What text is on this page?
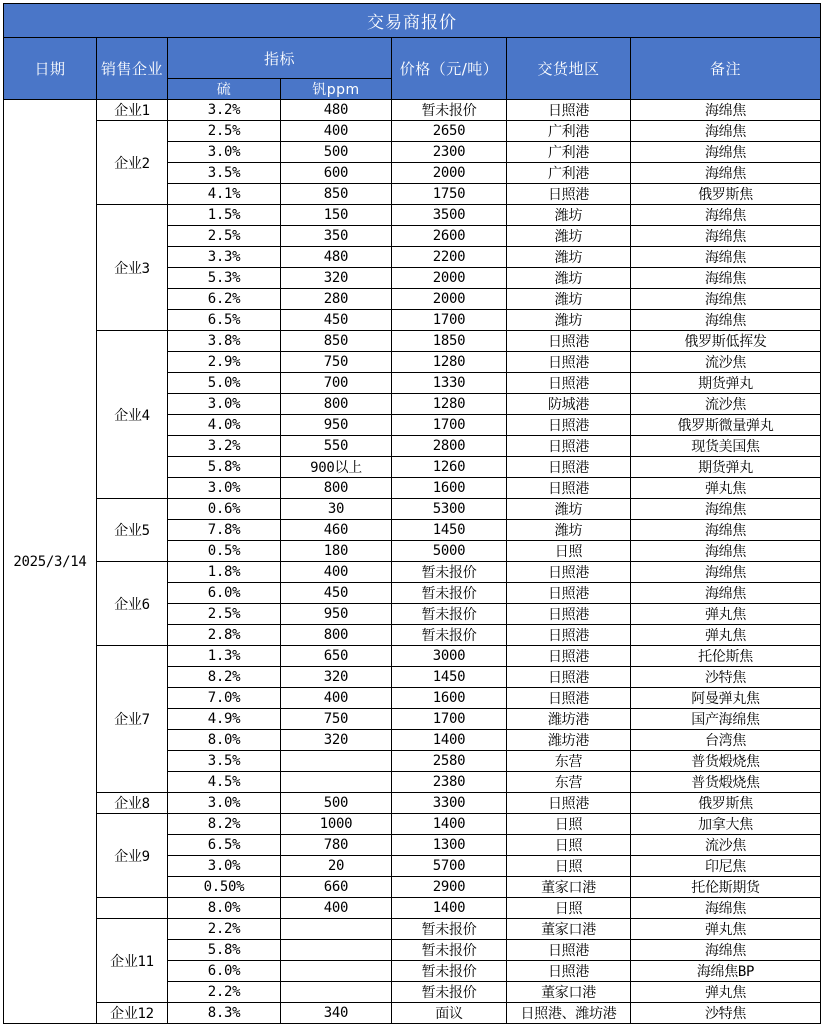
交易商报价						
日期	销售企业	指标		价格（元/吨）	交货地区	备注
		硫	钒ppm			
2025/3/14	企业1	3.2%	480	暂未报价	日照港	海绵焦
	企业2	2.5%	400	2650	广利港	海绵焦
		3.0%	500	2300	广利港	海绵焦
		3.5%	600	2000	广利港	海绵焦
		4.1%	850	1750	日照港	俄罗斯焦
	企业3	1.5%	150	3500	潍坊	海绵焦
		2.5%	350	2600	潍坊	海绵焦
		3.3%	480	2200	潍坊	海绵焦
		5.3%	320	2000	潍坊	海绵焦
		6.2%	280	2000	潍坊	海绵焦
		6.5%	450	1700	潍坊	海绵焦
	企业4	3.8%	850	1850	日照港	俄罗斯低挥发
		2.9%	750	1280	日照港	流沙焦
		5.0%	700	1330	日照港	期货弹丸
		3.0%	800	1280	防城港	流沙焦
		4.0%	950	1700	日照港	俄罗斯微量弹丸
		3.2%	550	2800	日照港	现货美国焦
		5.8%	900以上	1260	日照港	期货弹丸
		3.0%	800	1600	日照港	弹丸焦
	企业5	0.6%	30	5300	潍坊	海绵焦
		7.8%	460	1450	潍坊	海绵焦
		0.5%	180	5000	日照	海绵焦
	企业6	1.8%	400	暂未报价	日照港	海绵焦
		6.0%	450	暂未报价	日照港	海绵焦
		2.5%	950	暂未报价	日照港	弹丸焦
		2.8%	800	暂未报价	日照港	弹丸焦
	企业7	1.3%	650	3000	日照港	托伦斯焦
		8.2%	320	1450	日照港	沙特焦
		7.0%	400	1600	日照港	阿曼弹丸焦
		4.9%	750	1700	潍坊港	国产海绵焦
		8.0%	320	1400	潍坊港	台湾焦
		3.5%		2580	东营	普货煅烧焦
		4.5%		2380	东营	普货煅烧焦
	企业8	3.0%	500	3300	日照港	俄罗斯焦
	企业9	8.2%	1000	1400	日照	加拿大焦
		6.5%	780	1300	日照	流沙焦
		3.0%	20	5700	日照	印尼焦
		0.50%	660	2900	董家口港	托伦斯期货
		8.0%	400	1400	日照	海绵焦
	企业11	2.2%		暂未报价	董家口港	弹丸焦
		5.8%		暂未报价	日照港	海绵焦
		6.0%		暂未报价	日照港	海绵焦BP
		2.2%		暂未报价	董家口港	弹丸焦
	企业12	8.3%	340	面议	日照港、潍坊港	沙特焦
